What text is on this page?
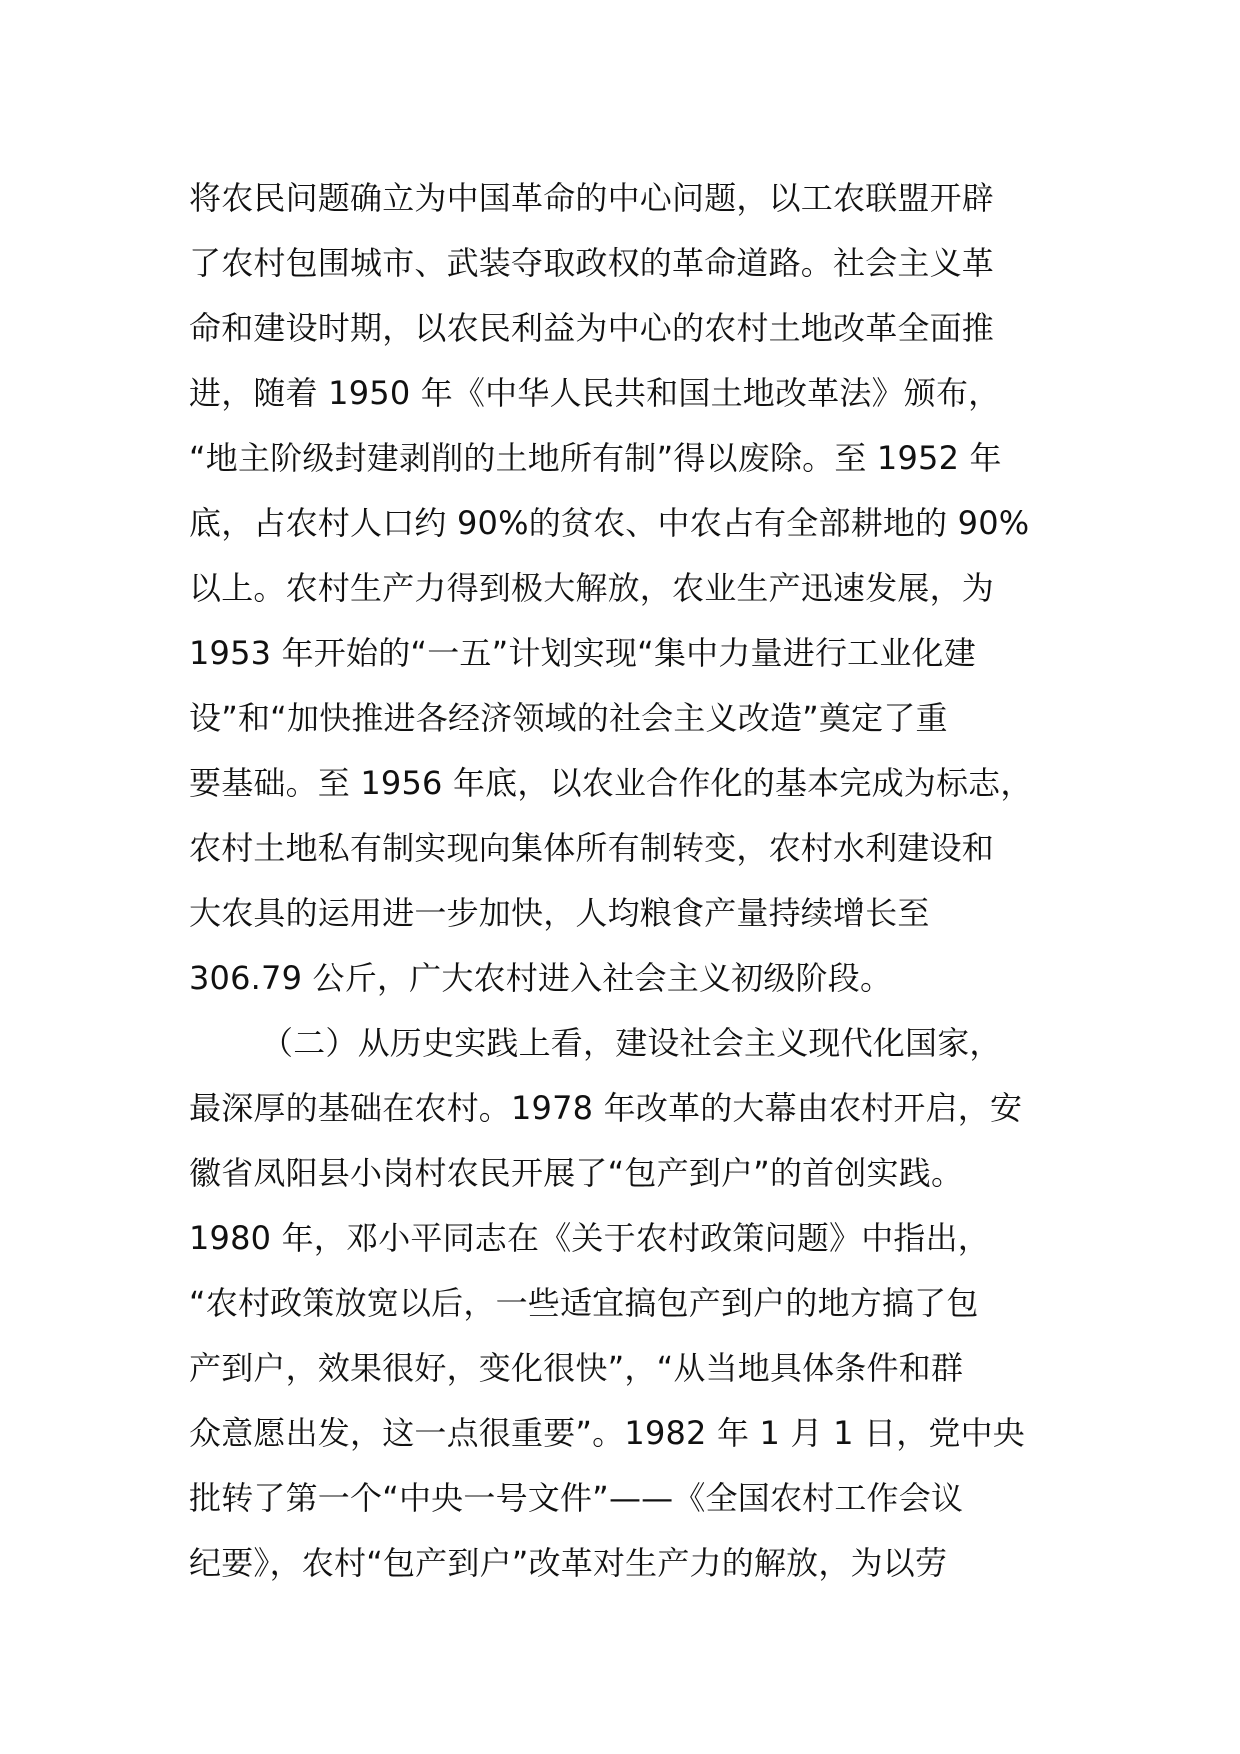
将农民问题确立为中国革命的中心问题，以工农联盟开辟
了农村包围城市、武装夺取政权的革命道路。社会主义革
命和建设时期，以农民利益为中心的农村土地改革全面推
进，随着 1950 年《中华人民共和国土地改革法》颁布，
“地主阶级封建剥削的土地所有制”得以废除。至 1952 年
底，占农村人口约 90%的贫农、中农占有全部耕地的 90%
以上。农村生产力得到极大解放，农业生产迅速发展，为
1953 年开始的“一五”计划实现“集中力量进行工业化建
设”和“加快推进各经济领域的社会主义改造”奠定了重
要基础。至 1956 年底，以农业合作化的基本完成为标志，
农村土地私有制实现向集体所有制转变，农村水利建设和
大农具的运用进一步加快，人均粮食产量持续增长至
306.79 公斤，广大农村进入社会主义初级阶段。
（二）从历史实践上看，建设社会主义现代化国家，
最深厚的基础在农村。1978 年改革的大幕由农村开启，安
徽省凤阳县小岗村农民开展了“包产到户”的首创实践。
1980 年，邓小平同志在《关于农村政策问题》中指出，
“农村政策放宽以后，一些适宜搞包产到户的地方搞了包
产到户，效果很好，变化很快”，“从当地具体条件和群
众意愿出发，这一点很重要”。1982 年 1 月 1 日，党中央
批转了第一个“中央一号文件”——《全国农村工作会议
纪要》，农村“包产到户”改革对生产力的解放，为以劳
